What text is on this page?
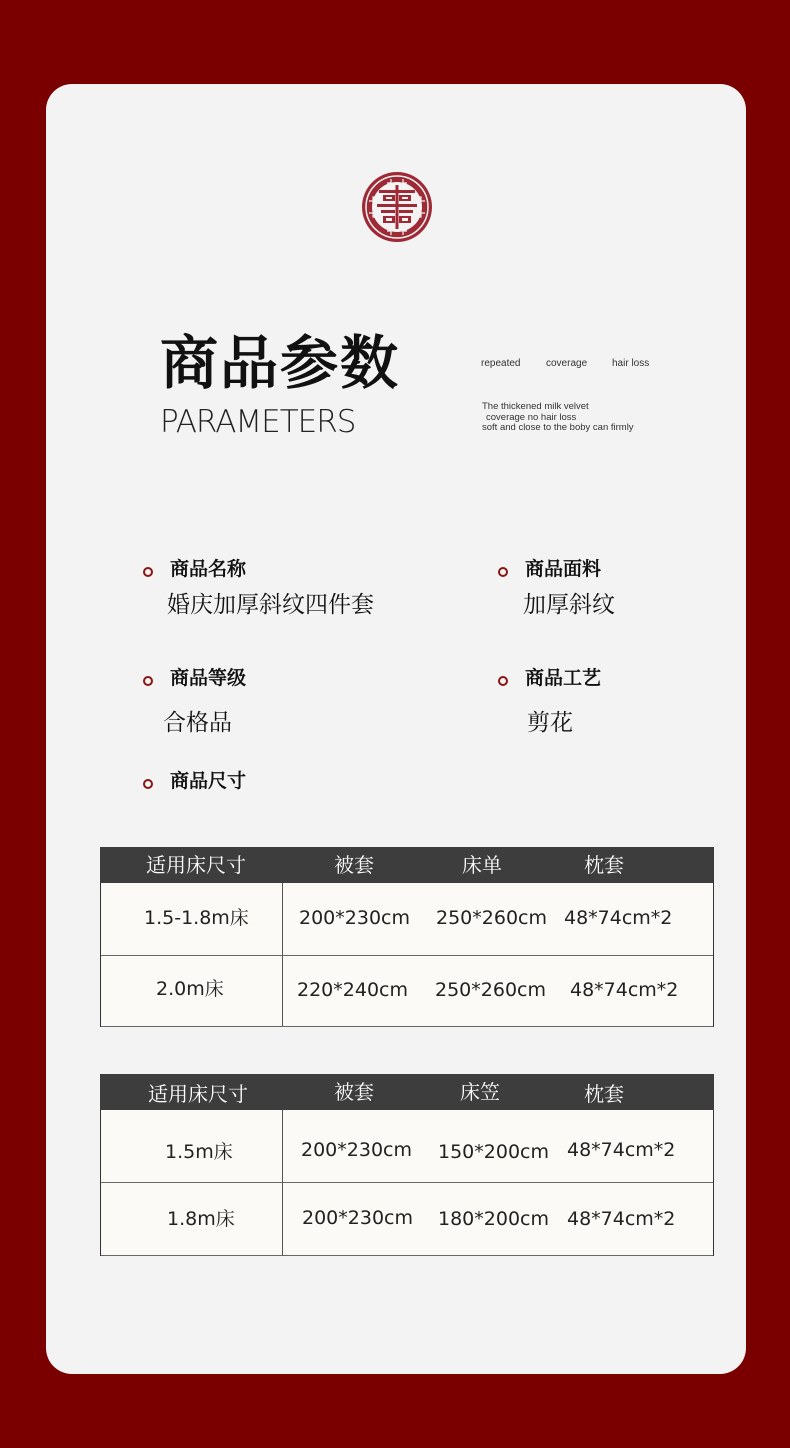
商品参数
PARAMETERS
repeated	coverage hair loss
The thickened milk velvet
coverage no hair loss
soft and close to the boby can firmly
商品名称
婚庆加厚斜纹四件套
商品面料
加厚斜纹
商品等级
合格品
商品工艺
剪花
商品尺寸
适用床尺寸	被套	床单	枕套
1.5-1.8m床	200*230cm 250*260cm 48*74cm*2
2.0m床	220*240cm 250*260cm 48*74cm*2
适用床尺寸	被套	床笠	枕套
1.5m床	200*230cm 150*200cm 48*74cm*2
1.8m床	200*230cm 180*200cm 48*74cm*2
